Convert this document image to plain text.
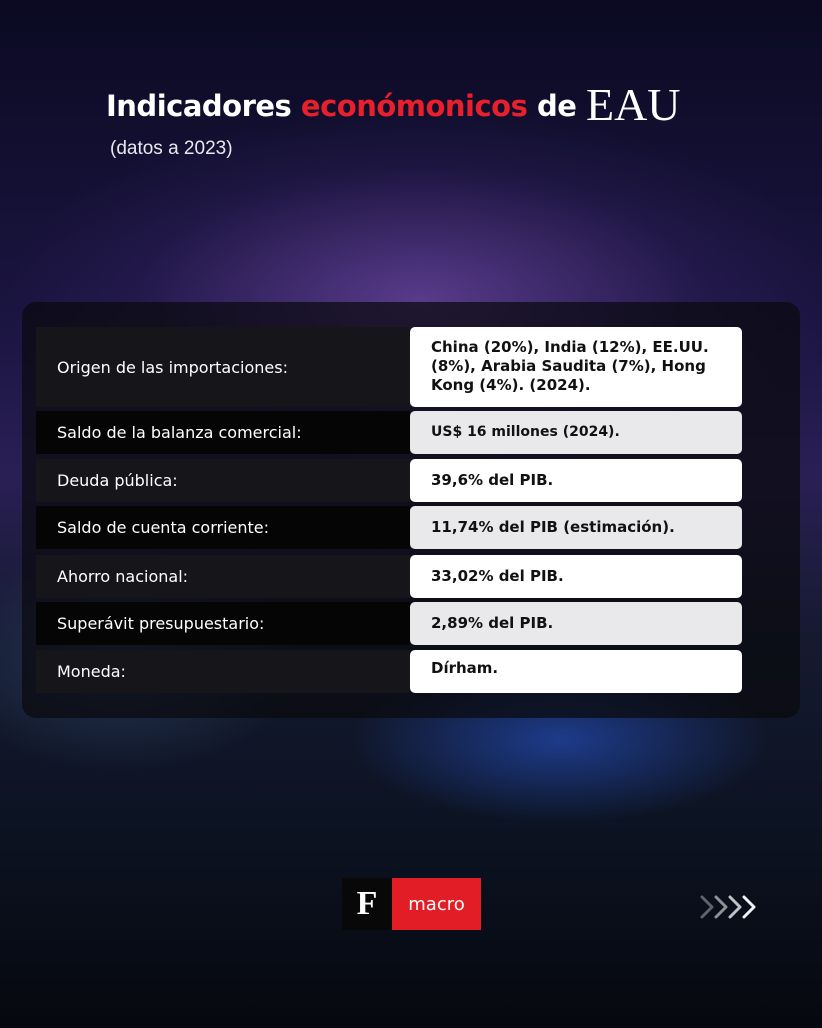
Indicadores económonicos de EAU
(datos a 2023)
Origen de las importaciones:
China (20%), India (12%), EE.UU. (8%), Arabia Saudita (7%), Hong Kong (4%). (2024).
Saldo de la balanza comercial:	US$ 16 millones (2024).
Deuda pública:	39,6% del PIB.
Saldo de cuenta corriente:	11,74% del PIB (estimación).
Ahorro nacional:	33,02% del PIB.
Superávit presupuestario:	2,89% del PIB.
Moneda:	Dírham.
F	macro
